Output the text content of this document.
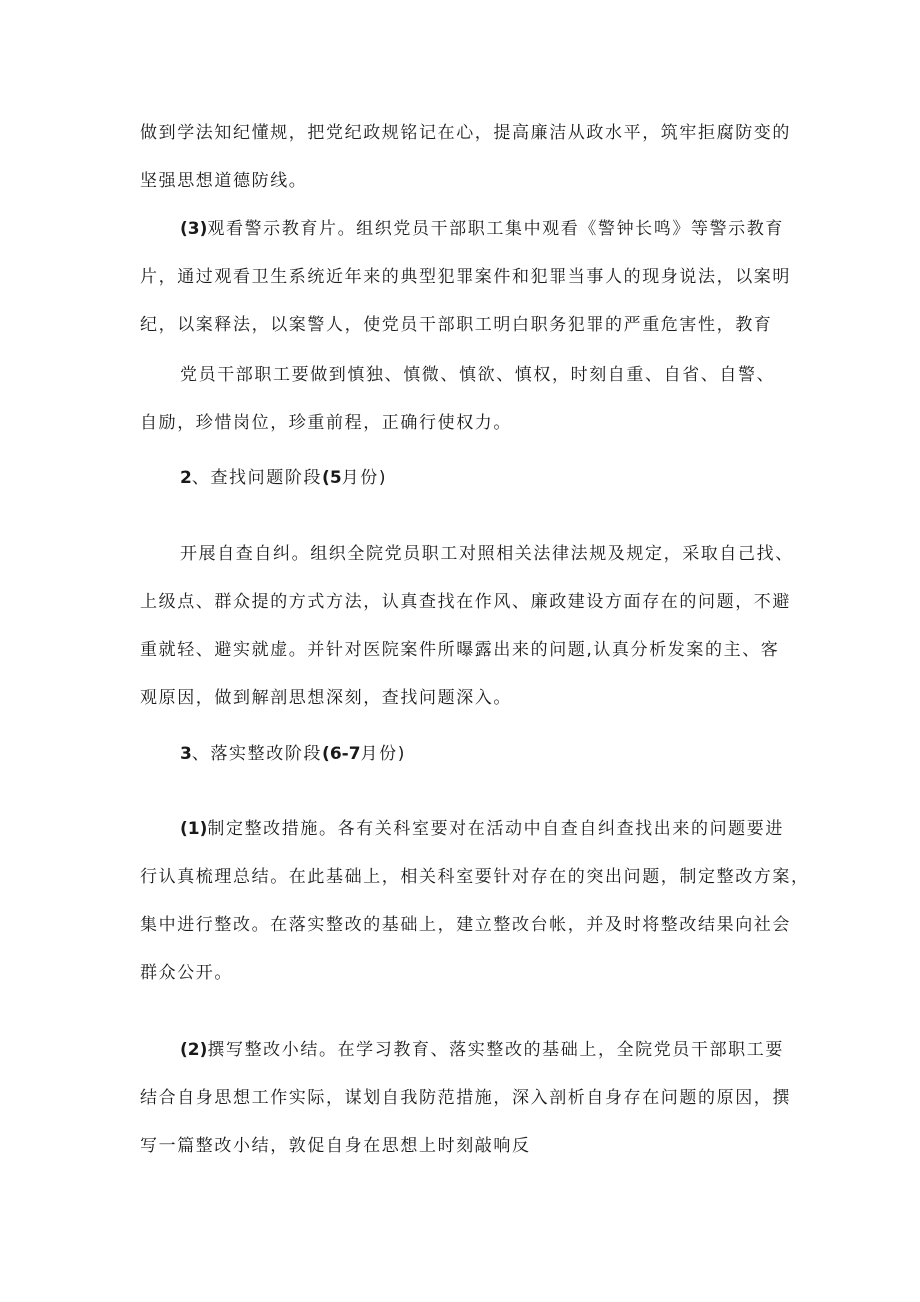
做到学法知纪懂规，把党纪政规铭记在心，提高廉洁从政水平，筑牢拒腐防变的
坚强思想道德防线。
(3)观看警示教育片。组织党员干部职工集中观看《警钟长鸣》等警示教育
片，通过观看卫生系统近年来的典型犯罪案件和犯罪当事人的现身说法，以案明
纪，以案释法，以案警人，使党员干部职工明白职务犯罪的严重危害性，教育
党员干部职工要做到慎独、慎微、慎欲、慎权，时刻自重、自省、自警、
自励，珍惜岗位，珍重前程，正确行使权力。
2、查找问题阶段(5月份)
开展自查自纠。组织全院党员职工对照相关法律法规及规定，采取自己找、
上级点、群众提的方式方法，认真查找在作风、廉政建设方面存在的问题，不避
重就轻、避实就虚。并针对医院案件所曝露出来的问题,认真分析发案的主、客
观原因，做到解剖思想深刻，查找问题深入。
3、落实整改阶段(6-7月份)
(1)制定整改措施。各有关科室要对在活动中自查自纠查找出来的问题要进
行认真梳理总结。在此基础上，相关科室要针对存在的突出问题，制定整改方案，
集中进行整改。在落实整改的基础上，建立整改台帐，并及时将整改结果向社会
群众公开。
(2)撰写整改小结。在学习教育、落实整改的基础上，全院党员干部职工要
结合自身思想工作实际，谋划自我防范措施，深入剖析自身存在问题的原因，撰
写一篇整改小结，敦促自身在思想上时刻敲响反
